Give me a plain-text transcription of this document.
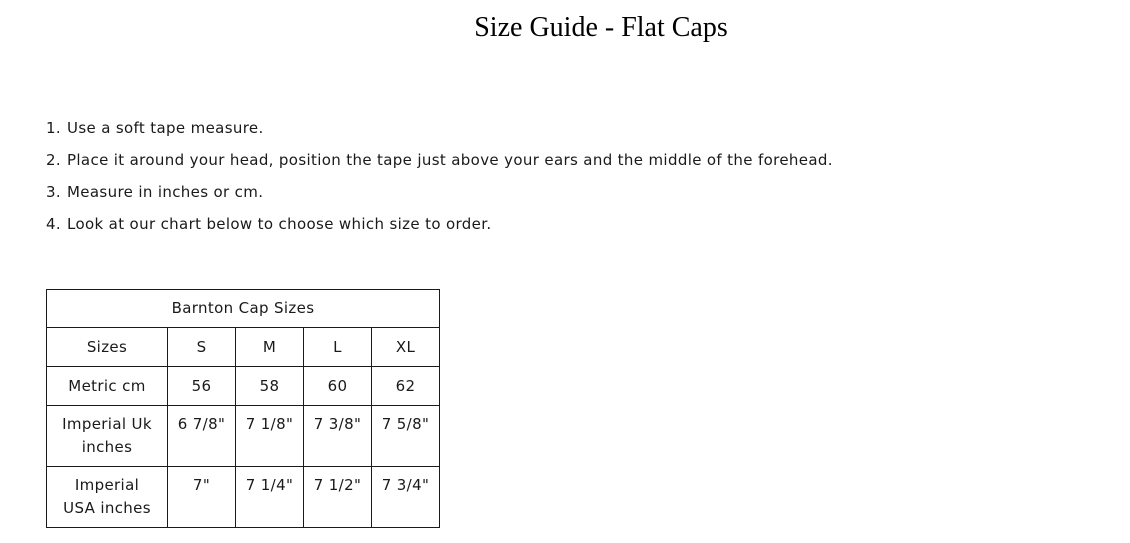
Size Guide - Flat Caps
1. Use a soft tape measure.
2. Place it around your head, position the tape just above your ears and the middle of the forehead.
3. Measure in inches or cm.
4. Look at our chart below to choose which size to order.
Barnton Cap Sizes				
Sizes	S	M	L	XL
Metric cm	56	58	60	62
Imperial Uk
inches	6 7/8"	7 1/8"	7 3/8"	7 5/8"
Imperial
USA inches	7"	7 1/4"	7 1/2"	7 3/4"
